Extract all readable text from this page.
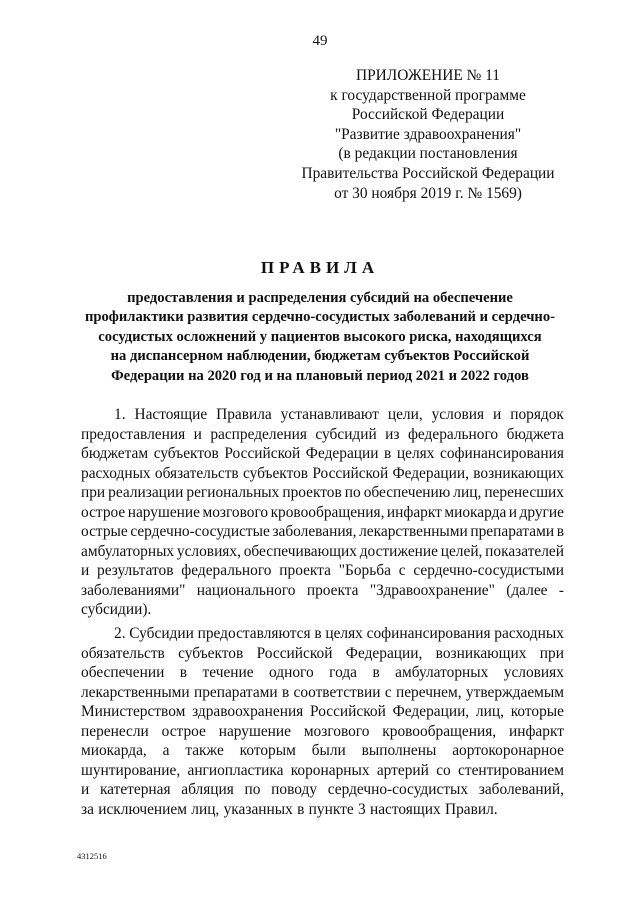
49
ПРИЛОЖЕНИЕ № 11
к государственной программе
Российской Федерации
"Развитие здравоохранения"
(в редакции постановления
Правительства Российской Федерации
от 30 ноября 2019 г. № 1569)
ПРАВИЛА
предоставления и распределения субсидий на обеспечение
профилактики развития сердечно-сосудистых заболеваний и сердечно-
сосудистых осложнений у пациентов высокого риска, находящихся
на диспансерном наблюдении, бюджетам субъектов Российской
Федерации на 2020 год и на плановый период 2021 и 2022 годов
1. Настоящие Правила устанавливают цели, условия и порядок
предоставления и распределения субсидий из федерального бюджета
бюджетам субъектов Российской Федерации в целях софинансирования
расходных обязательств субъектов Российской Федерации, возникающих
при реализации региональных проектов по обеспечению лиц, перенесших
острое нарушение мозгового кровообращения, инфаркт миокарда и другие
острые сердечно-сосудистые заболевания, лекарственными препаратами в
амбулаторных условиях, обеспечивающих достижение целей, показателей
и результатов федерального проекта "Борьба с сердечно-сосудистыми
заболеваниями" национального проекта "Здравоохранение" (далее -
субсидии).
2. Субсидии предоставляются в целях софинансирования расходных
обязательств субъектов Российской Федерации, возникающих при
обеспечении в течение одного года в амбулаторных условиях
лекарственными препаратами в соответствии с перечнем, утверждаемым
Министерством здравоохранения Российской Федерации, лиц, которые
перенесли острое нарушение мозгового кровообращения, инфаркт
миокарда, а также которым были выполнены аортокоронарное
шунтирование, ангиопластика коронарных артерий со стентированием
и катетерная абляция по поводу сердечно-сосудистых заболеваний,
за исключением лиц, указанных в пункте 3 настоящих Правил.
4312516
